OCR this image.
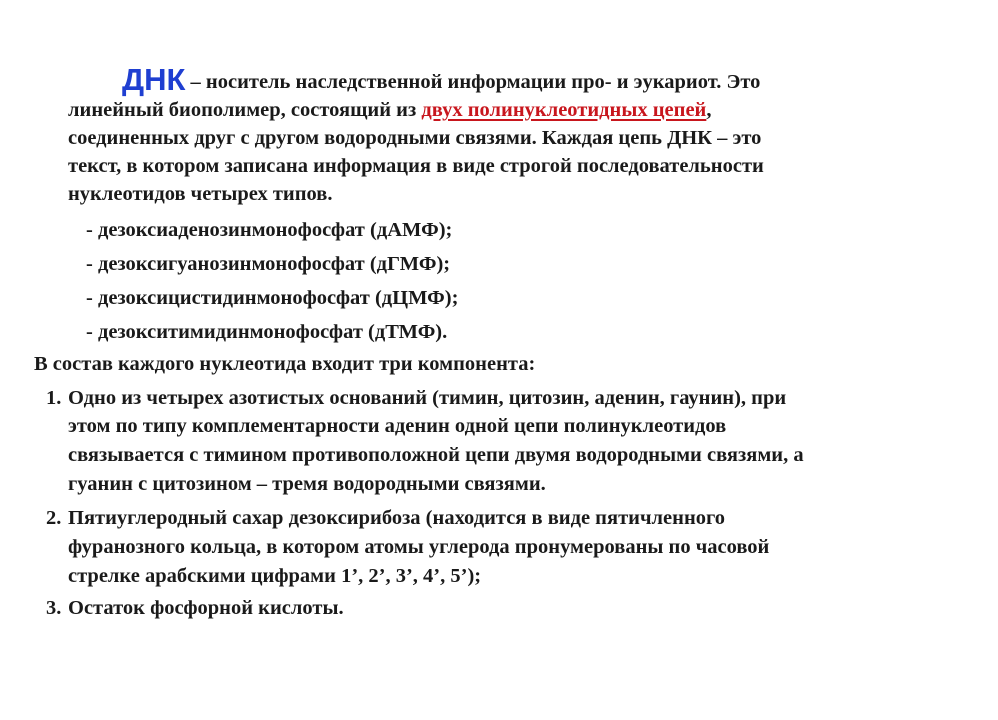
ДНК – носитель наследственной информации про- и эукариот. Это
линейный биополимер, состоящий из двух полинуклеотидных цепей,
соединенных друг с другом водородными связями. Каждая цепь ДНК – это
текст, в котором записана информация в виде строгой последовательности
нуклеотидов четырех типов.
- дезоксиаденозинмонофосфат (дАМФ);
- дезоксигуанозинмонофосфат (дГМФ);
- дезоксицистидинмонофосфат (дЦМФ);
- дезокситимидинмонофосфат (дТМФ).
В состав каждого нуклеотида входит три компонента:
1. Одно из четырех азотистых оснований (тимин, цитозин, аденин, гаунин), при
этом по типу комплементарности аденин одной цепи полинуклеотидов
связывается с тимином противоположной цепи двумя водородными связями, а
гуанин с цитозином – тремя водородными связями.
2. Пятиуглеродный сахар дезоксирибоза (находится в виде пятичленного
фуранозного кольца, в котором атомы углерода пронумерованы по часовой
стрелке арабскими цифрами 1’, 2’, 3’, 4’, 5’);
3. Остаток фосфорной кислоты.
